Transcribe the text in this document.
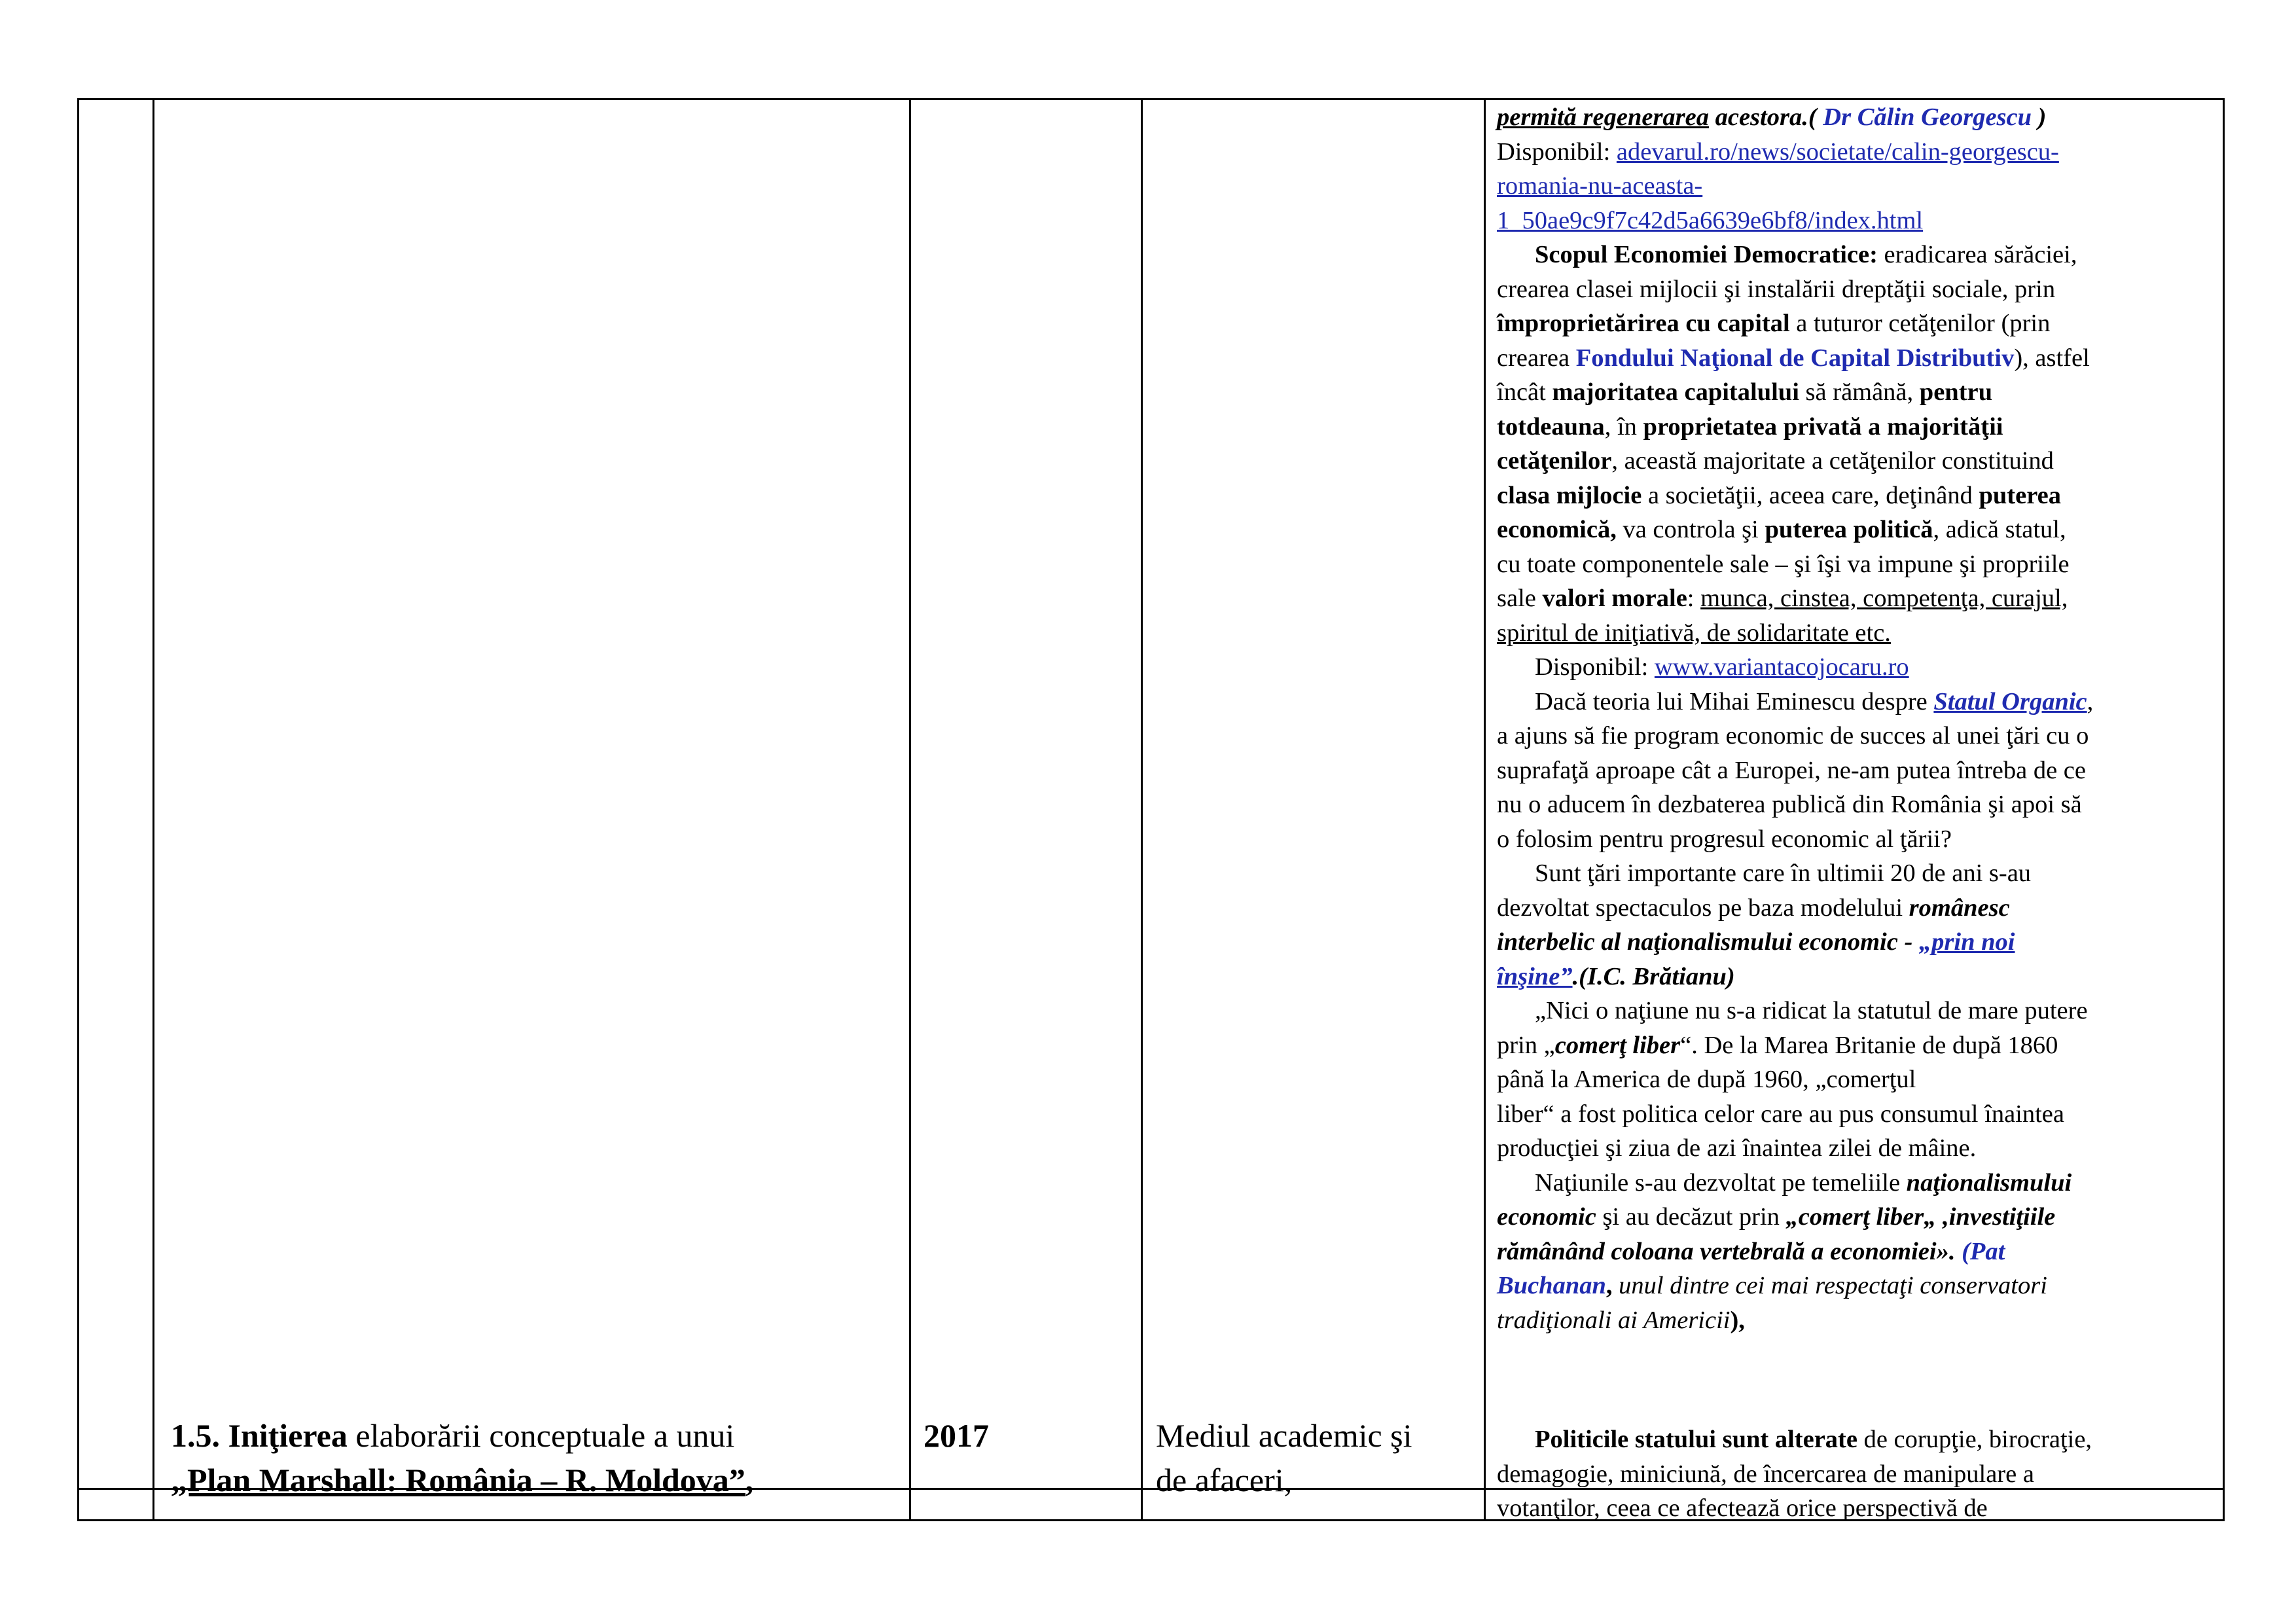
1.5. Iniţierea elaborării conceptuale a unui
„Plan Marshall: România – R. Moldova”,
2017	Mediul academic şi
de afaceri,
permită regenerarea acestora.( Dr Călin Georgescu )
Disponibil: adevarul.ro/news/societate/calin-georgescu-
romania-nu-aceasta-
1_50ae9c9f7c42d5a6639e6bf8/index.html
Scopul Economiei Democratice: eradicarea sărăciei,
crearea clasei mijlocii şi instalării dreptăţii sociale, prin
împroprietărirea cu capital a tuturor cetăţenilor (prin
crearea Fondului Naţional de Capital Distributiv), astfel
încât majoritatea capitalului să rămână, pentru
totdeauna, în proprietatea privată a majorităţii
cetăţenilor, această majoritate a cetăţenilor constituind
clasa mijlocie a societăţii, aceea care, deţinând puterea
economică, va controla şi puterea politică, adică statul,
cu toate componentele sale – şi îşi va impune şi propriile
sale valori morale: munca, cinstea, competenţa, curajul,
spiritul de iniţiativă, de solidaritate etc.
Disponibil: www.variantacojocaru.ro
Dacă teoria lui Mihai Eminescu despre Statul Organic,
a ajuns să fie program economic de succes al unei ţări cu o
suprafaţă aproape cât a Europei, ne-am putea întreba de ce
nu o aducem în dezbaterea publică din România şi apoi să
o folosim pentru progresul economic al ţării?
Sunt ţări importante care în ultimii 20 de ani s-au
dezvoltat spectaculos pe baza modelului românesc
interbelic al naţionalismului economic - „prin noi
înşine”.(I.C. Brătianu)
„Nici o naţiune nu s-a ridicat la statutul de mare putere
prin „comerţ liber“. De la Marea Britanie de după 1860
până la America de după 1960, „comerţul
liber“ a fost politica celor care au pus consumul înaintea
producţiei şi ziua de azi înaintea zilei de mâine.
Naţiunile s-au dezvoltat pe temeliile naţionalismului
economic şi au decăzut prin „comerţ liber„ ,investiţiile
rămânând coloana vertebrală a economiei». (Pat
Buchanan, unul dintre cei mai respectaţi conservatori
tradiţionali ai Americii),
Politicile statului sunt alterate de corupţie, birocraţie,
demagogie, miniciună, de încercarea de manipulare a
votanţilor, ceea ce afectează orice perspectivă de
